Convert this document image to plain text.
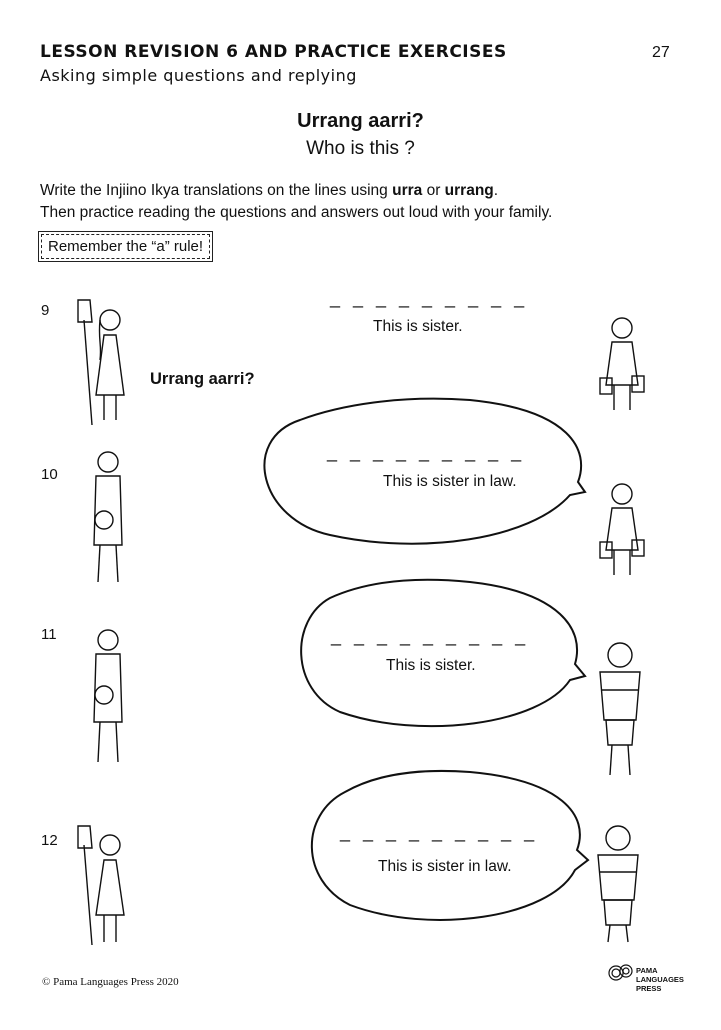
LESSON REVISION 6 AND PRACTICE EXERCISES
Asking simple questions and replying
27
Urrang aarri?
Who is this ?
Write the Injiino Ikya translations on the lines using urra or urrang.
Then practice reading the questions and answers out loud with your family.
Remember the “a” rule!
9
_ _ _ _ _ _ _ _ _
This is sister.
Urrang aarri?
10
_ _ _ _ _ _ _ _ _
This is sister in law.
11	_ _ _ _ _ _ _ _ _
This is sister.
12	_ _ _ _ _ _ _ _ _
This is sister in law.
© Pama Languages Press 2020
PAMA
LANGUAGES
PRESS
